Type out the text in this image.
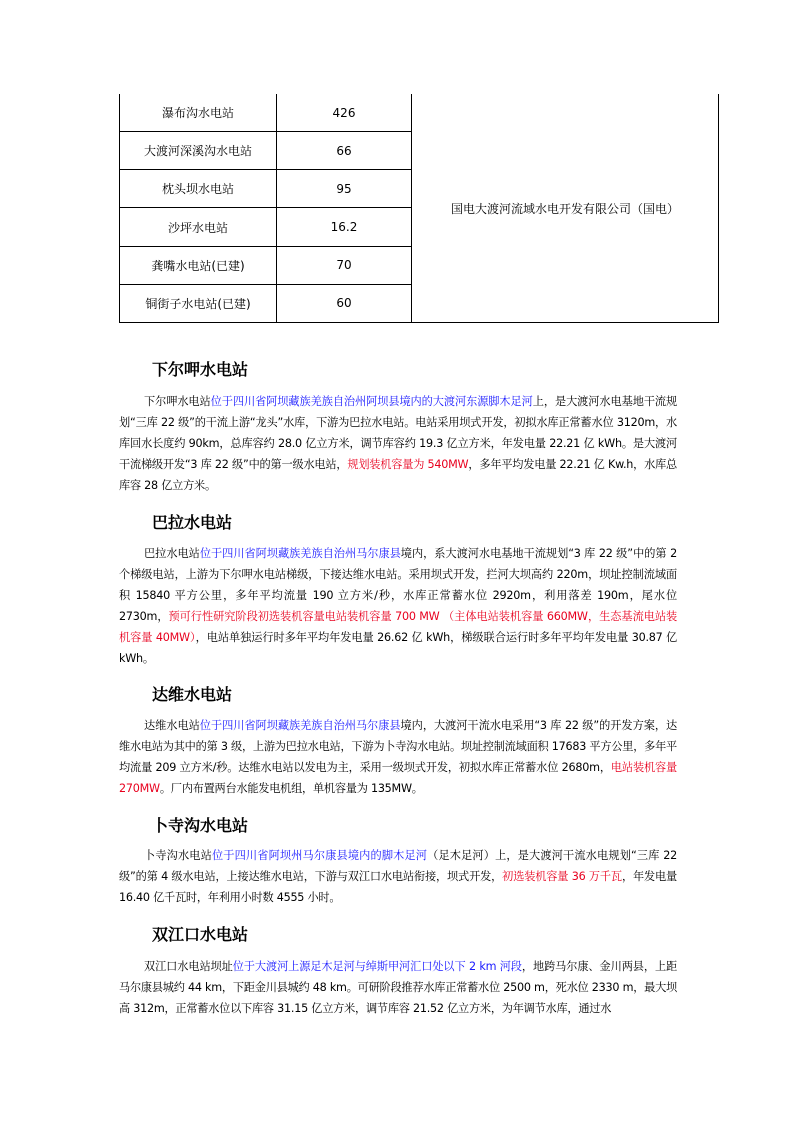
瀑布沟水电站	426	国电大渡河流域水电开发有限公司（国电）
大渡河深溪沟水电站	66	
枕头坝水电站	95	
沙坪水电站	16.2	
龚嘴水电站(已建)	70	
铜街子水电站(已建)	60	
下尔呷水电站

下尔呷水电站位于四川省阿坝藏族羌族自治州阿坝县境内的大渡河东源脚木足河上，是大渡河水电基地干流规划“三库 22 级”的干流上游“龙头”水库，下游为巴拉水电站。电站采用坝式开发，初拟水库正常蓄水位 3120m，水库回水长度约 90km，总库容约 28.0 亿立方米，调节库容约 19.3 亿立方米，年发电量 22.21 亿 kWh。是大渡河干流梯级开发“3 库 22 级”中的第一级水电站，规划装机容量为 540MW，多年平均发电量 22.21 亿 Kw.h，水库总库容 28 亿立方米。

巴拉水电站

巴拉水电站位于四川省阿坝藏族羌族自治州马尔康县境内，系大渡河水电基地干流规划“3 库 22 级”中的第 2 个梯级电站，上游为下尔呷水电站梯级，下接达维水电站。采用坝式开发，拦河大坝高约 220m，坝址控制流域面积 15840 平方公里，多年平均流量 190 立方米/秒，水库正常蓄水位 2920m，利用落差 190m，尾水位 2730m，预可行性研究阶段初选装机容量电站装机容量 700 MW （主体电站装机容量 660MW，生态基流电站装机容量 40MW），电站单独运行时多年平均年发电量 26.62 亿 kWh，梯级联合运行时多年平均年发电量 30.87 亿 kWh。

达维水电站

达维水电站位于四川省阿坝藏族羌族自治州马尔康县境内，大渡河干流水电采用“3 库 22 级”的开发方案，达维水电站为其中的第 3 级，上游为巴拉水电站，下游为卜寺沟水电站。坝址控制流域面积 17683 平方公里，多年平均流量 209 立方米/秒。达维水电站以发电为主，采用一级坝式开发，初拟水库正常蓄水位 2680m，电站装机容量 270MW。厂内布置两台水能发电机组，单机容量为 135MW。

卜寺沟水电站

卜寺沟水电站位于四川省阿坝州马尔康县境内的脚木足河（足木足河）上，是大渡河干流水电规划“三库 22 级”的第 4 级水电站，上接达维水电站，下游与双江口水电站衔接，坝式开发，初选装机容量 36 万千瓦，年发电量 16.40 亿千瓦时，年利用小时数 4555 小时。

双江口水电站

双江口水电站坝址位于大渡河上源足木足河与绰斯甲河汇口处以下 2 km 河段，地跨马尔康、金川两县，上距马尔康县城约 44 km，下距金川县城约 48 km。可研阶段推荐水库正常蓄水位 2500 m，死水位 2330 m，最大坝高 312m，正常蓄水位以下库容 31.15 亿立方米，调节库容 21.52 亿立方米，为年调节水库，通过水
